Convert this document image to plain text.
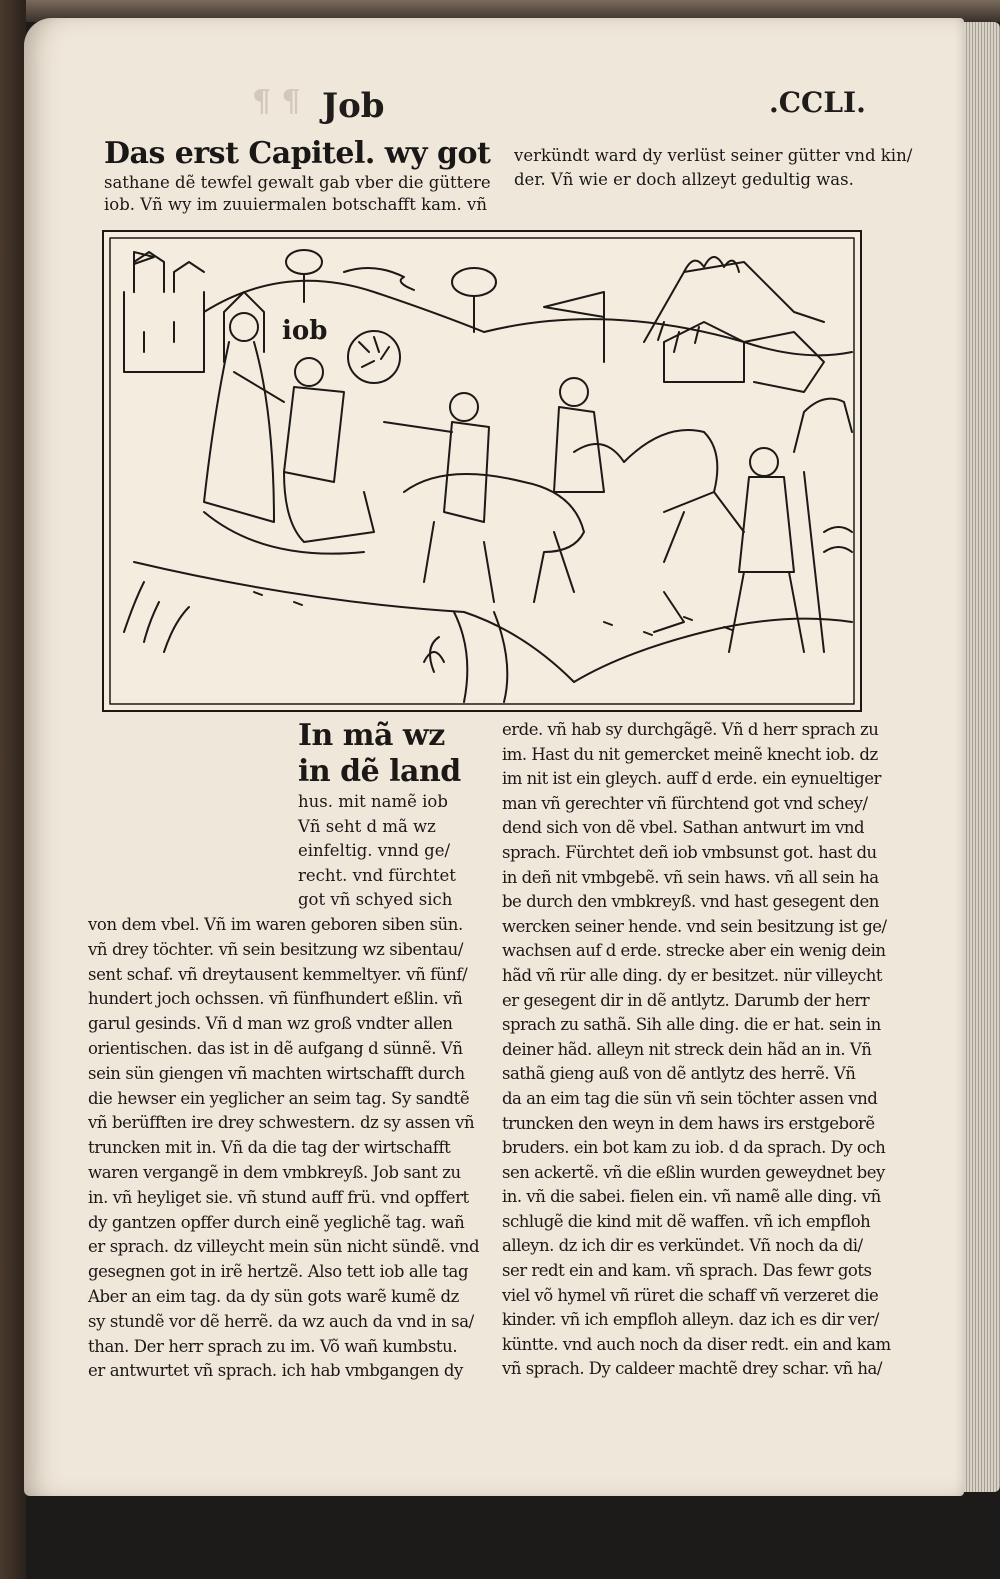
¶ ¶ Job	.CCLI.
Das erst Capitel. wy got
sathane dẽ tewfel gewalt gab vber die güttere
iob. Vñ wy im zuuiermalen botschafft kam. vñ
verkündt ward dy verlüst seiner gütter vnd kin/
der. Vñ wie er doch allzeyt gedultig was.
iob
In mã wz
in dẽ land
hus. mit namẽ iob
Vñ seht d mã wz
einfeltig. vnnd ge/
recht. vnd fürchtet
got vñ schyed sich
von dem vbel. Vñ im waren geboren siben sün.
vñ drey töchter. vñ sein besitzung wz sibentau/
sent schaf. vñ dreytausent kemmeltyer. vñ fünf/
hundert joch ochssen. vñ fünfhundert eßlin. vñ
garul gesinds. Vñ d man wz groß vndter allen
orientischen. das ist in dẽ aufgang d sünnẽ. Vñ
sein sün giengen vñ machten wirtschafft durch
die hewser ein yeglicher an seim tag. Sy sandtẽ
vñ berüfften ire drey schwestern. dz sy assen vñ
truncken mit in. Vñ da die tag der wirtschafft
waren vergangẽ in dem vmbkreyß. Job sant zu
in. vñ heyliget sie. vñ stund auff frü. vnd opffert
dy gantzen opffer durch einẽ yeglichẽ tag. wañ
er sprach. dz villeycht mein sün nicht sündẽ. vnd
gesegnen got in irẽ hertzẽ. Also tett iob alle tag
Aber an eim tag. da dy sün gots warẽ kumẽ dz
sy stundẽ vor dẽ herrẽ. da wz auch da vnd in sa/
than. Der herr sprach zu im. Võ wañ kumbstu.
er antwurtet vñ sprach. ich hab vmbgangen dy
erde. vñ hab sy durchgãgẽ. Vñ d herr sprach zu
im. Hast du nit gemercket meinẽ knecht iob. dz
im nit ist ein gleych. auff d erde. ein eynueltiger
man vñ gerechter vñ fürchtend got vnd schey/
dend sich von dẽ vbel. Sathan antwurt im vnd
sprach. Fürchtet deñ iob vmbsunst got. hast du
in deñ nit vmbgebẽ. vñ sein haws. vñ all sein ha
be durch den vmbkreyß. vnd hast gesegent den
wercken seiner hende. vnd sein besitzung ist ge/
wachsen auf d erde. strecke aber ein wenig dein
hãd vñ rür alle ding. dy er besitzet. nür villeycht
er gesegent dir in dẽ antlytz. Darumb der herr
sprach zu sathã. Sih alle ding. die er hat. sein in
deiner hãd. alleyn nit streck dein hãd an in. Vñ
sathã gieng auß von dẽ antlytz des herrẽ. Vñ
da an eim tag die sün vñ sein töchter assen vnd
truncken den weyn in dem haws irs erstgeborẽ
bruders. ein bot kam zu iob. d da sprach. Dy och
sen ackertẽ. vñ die eßlin wurden geweydnet bey
in. vñ die sabei. fielen ein. vñ namẽ alle ding. vñ
schlugẽ die kind mit dẽ waffen. vñ ich empfloh
alleyn. dz ich dir es verkündet. Vñ noch da di/
ser redt ein and kam. vñ sprach. Das fewr gots
viel võ hymel vñ rüret die schaff vñ verzeret die
kinder. vñ ich empfloh alleyn. daz ich es dir ver/
küntte. vnd auch noch da diser redt. ein and kam
vñ sprach. Dy caldeer machtẽ drey schar. vñ ha/
